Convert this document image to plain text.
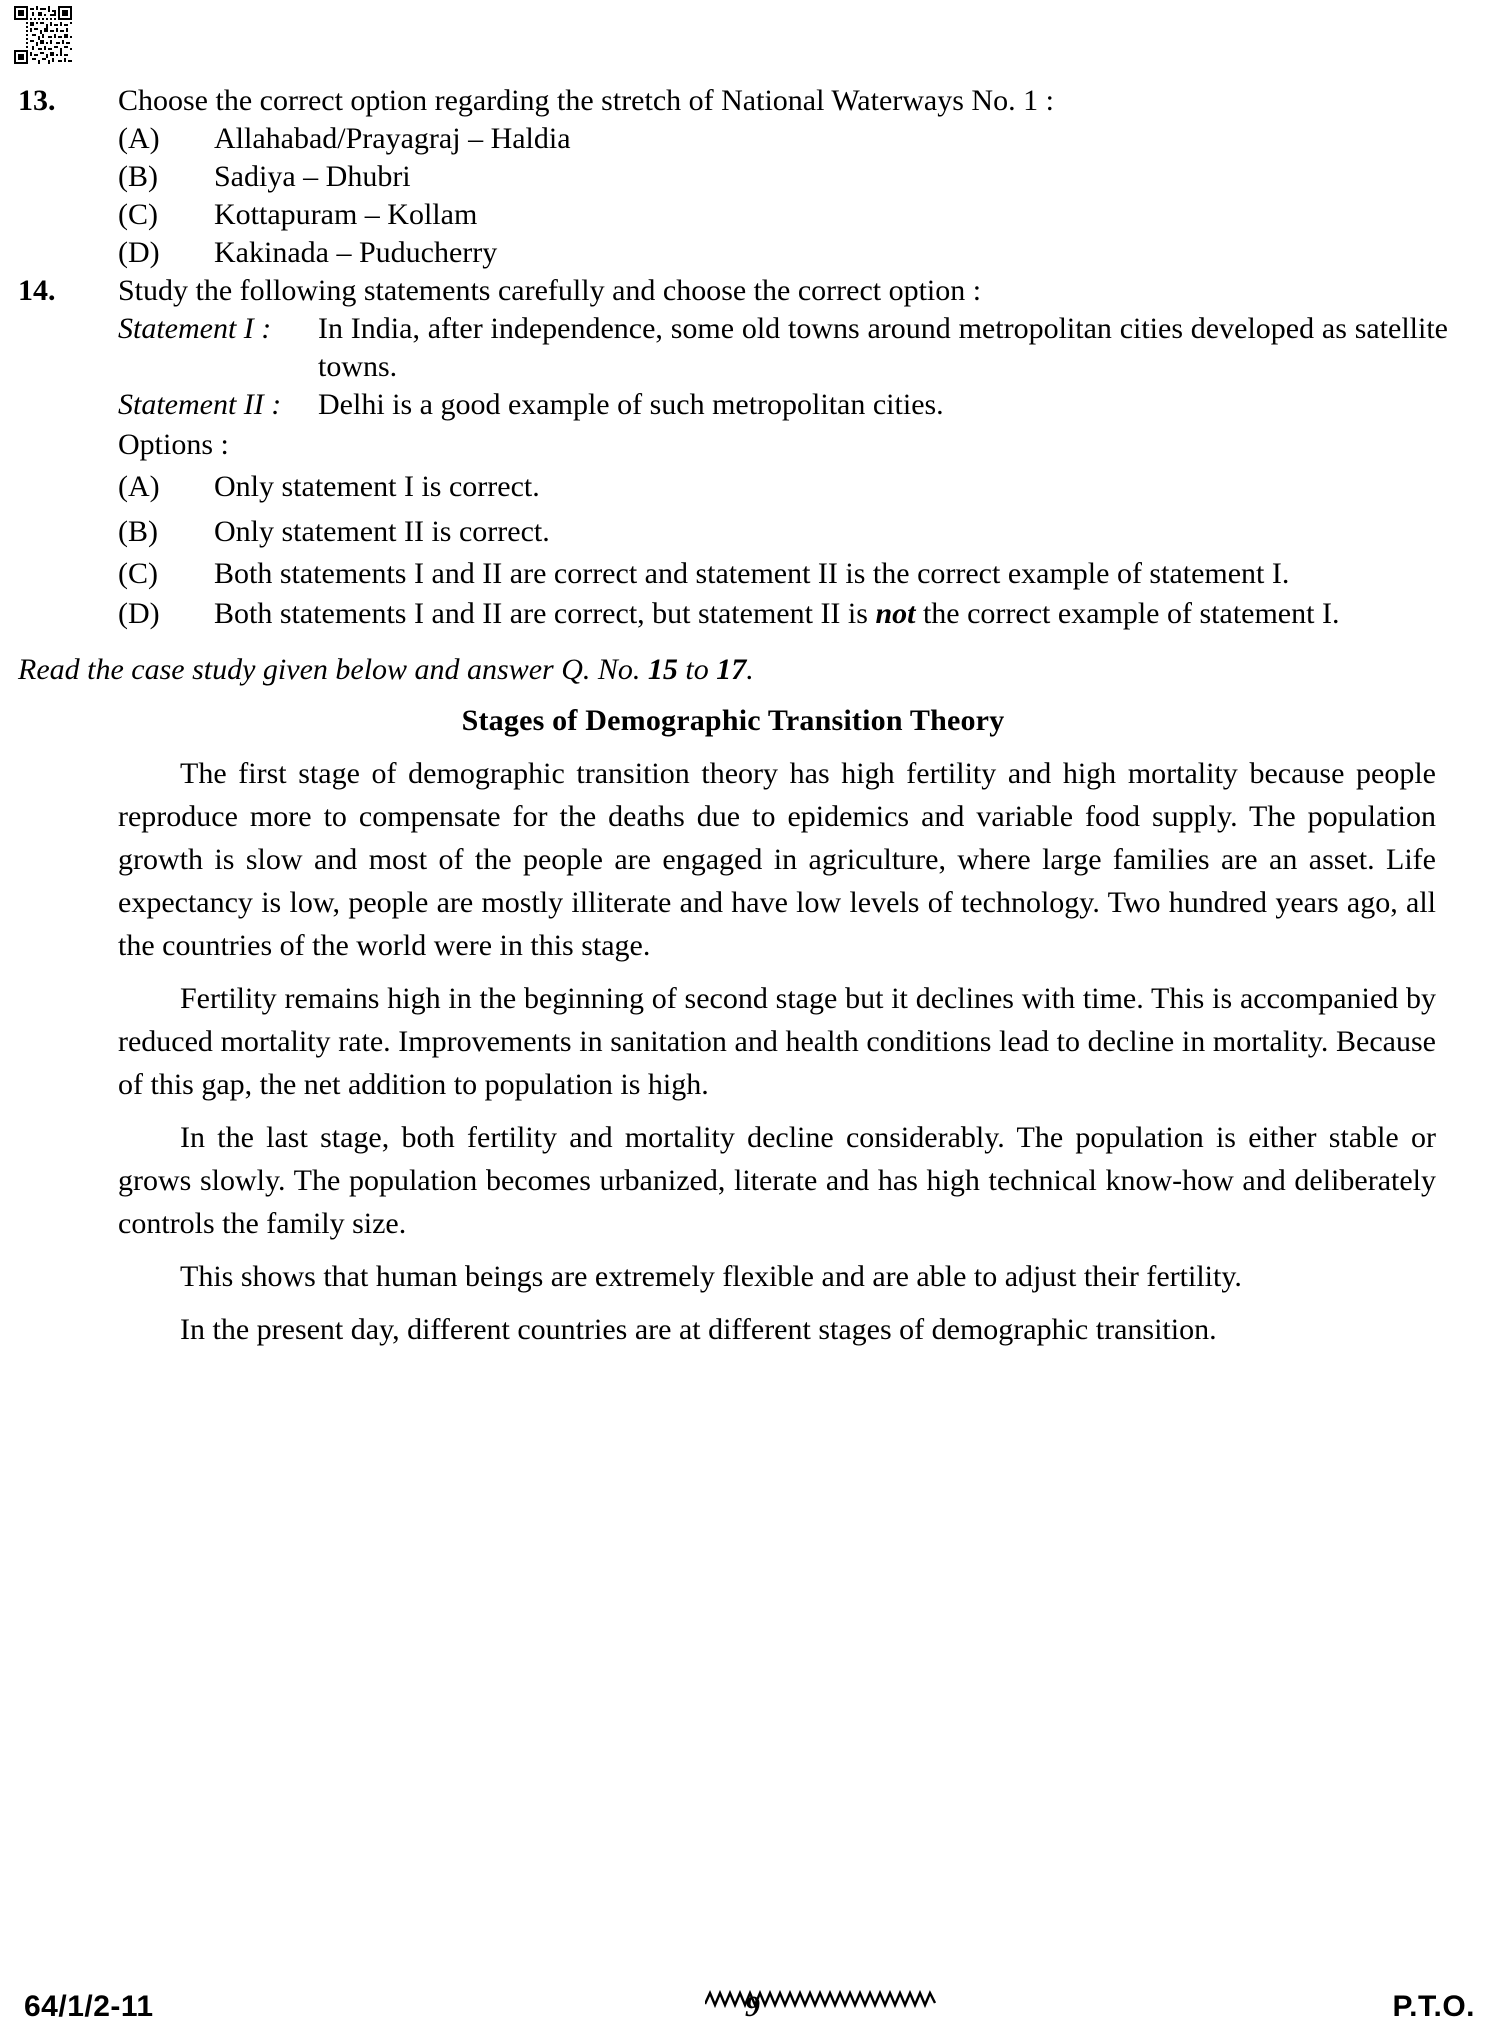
13.	Choose the correct option regarding the stretch of National Waterways No. 1 :
(A)	Allahabad/Prayagraj – Haldia
(B)	Sadiya – Dhubri
(C)	Kottapuram – Kollam
(D)	Kakinada – Puducherry
14.	Study the following statements carefully and choose the correct option :
Statement I :	In India, after independence, some old towns around metropolitan cities developed as satellite towns.
Statement II :	Delhi is a good example of such metropolitan cities.
Options :
(A)	Only statement I is correct.
(B)	Only statement II is correct.
(C)	Both statements I and II are correct and statement II is the correct example of statement I.
(D)	Both statements I and II are correct, but statement II is not the correct example of statement I.
Read the case study given below and answer Q. No. 15 to 17.
Stages of Demographic Transition Theory

The first stage of demographic transition theory has high fertility and high mortality because people reproduce more to compensate for the deaths due to epidemics and variable food supply. The population growth is slow and most of the people are engaged in agriculture, where large families are an asset. Life expectancy is low, people are mostly illiterate and have low levels of technology. Two hundred years ago, all the countries of the world were in this stage.

Fertility remains high in the beginning of second stage but it declines with time. This is accompanied by reduced mortality rate. Improvements in sanitation and health conditions lead to decline in mortality. Because of this gap, the net addition to population is high.

In the last stage, both fertility and mortality decline considerably. The population is either stable or grows slowly. The population becomes urbanized, literate and has high technical know-how and deliberately controls the family size.

This shows that human beings are extremely flexible and are able to adjust their fertility.

In the present day, different countries are at different stages of demographic transition.

64/1/2-11	9	P.T.O.
